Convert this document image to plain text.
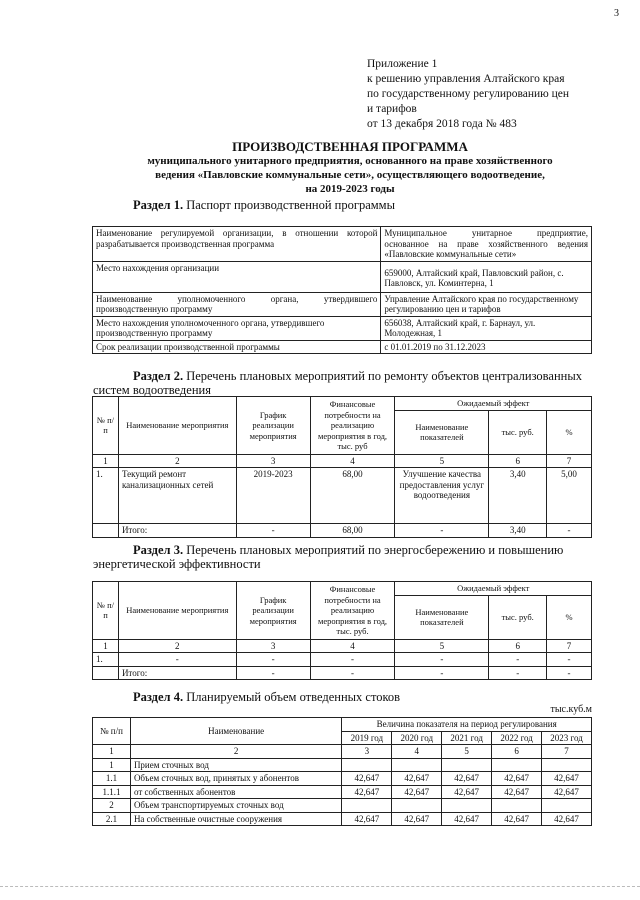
3
Приложение 1
к решению управления Алтайского края
по государственному регулированию цен
и тарифов
от 13 декабря 2018 года № 483
ПРОИЗВОДСТВЕННАЯ ПРОГРАММА
муниципального унитарного предприятия, основанного на праве хозяйственного
ведения «Павловские коммунальные сети», осуществляющего водоотведение,
на 2019-2023 годы
Раздел 1. Паспорт производственной программы
Наименование регулируемой организации, в отношении которой разрабатывается производственная программа	Муниципальное унитарное предприятие, основанное на праве хозяйственного ведения «Павловские коммунальные сети»
Место нахождения организации	659000, Алтайский край, Павловский район, с. Павловск, ул. Коминтерна, 1
Наименование уполномоченного органа, утвердившего производственную программу	Управление Алтайского края по государственному регулированию цен и тарифов
Место нахождения уполномоченного органа, утвердившего производственную программу	656038, Алтайский край, г. Барнаул, ул. Молодежная, 1
Срок реализации производственной программы	с 01.01.2019 по 31.12.2023
Раздел 2. Перечень плановых мероприятий по ремонту объектов централизованных
систем водоотведения
№ п/п	Наименование мероприятия	График реализации мероприятия	Финансовые потребности на реализацию мероприятия в год, тыс. руб	Ожидаемый эффект		
				Наименование показателей	тыс. руб.	%
1	2	3	4	5	6	7
1.	Текущий ремонт канализационных сетей	2019-2023	68,00	Улучшение качества предоставления услуг водоотведения	3,40	5,00
	Итого:	-	68,00	-	3,40	-
Раздел 3. Перечень плановых мероприятий по энергосбережению и повышению
энергетической эффективности
№ п/п	Наименование мероприятия	График реализации мероприятия	Финансовые потребности на реализацию мероприятия в год, тыс. руб.	Ожидаемый эффект		
				Наименование показателей	тыс. руб.	%
1	2	3	4	5	6	7
1.	-	-	-	-	-	-
	Итого:	-	-	-	-	-
Раздел 4. Планируемый объем отведенных стоков
тыс.куб.м
№ п/п	Наименование	Величина показателя на период регулирования				
		2019 год	2020 год	2021 год	2022 год	2023 год
1	2	3	4	5	6	7
1	Прием сточных вод					
1.1	Объем сточных вод, принятых у абонентов	42,647	42,647	42,647	42,647	42,647
1.1.1	от собственных абонентов	42,647	42,647	42,647	42,647	42,647
2	Объем транспортируемых сточных вод					
2.1	На собственные очистные сооружения	42,647	42,647	42,647	42,647	42,647
